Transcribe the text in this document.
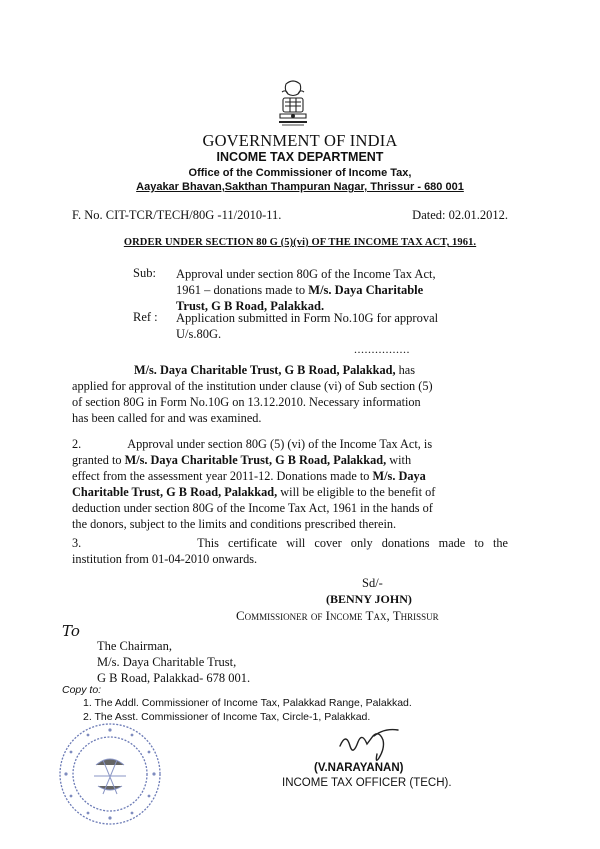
GOVERNMENT OF INDIA
INCOME TAX DEPARTMENT
Office of the Commissioner of Income Tax,
Aayakar Bhavan,Sakthan Thampuran Nagar, Thrissur - 680 001
F. No. CIT-TCR/TECH/80G -11/2010-11.	Dated: 02.01.2012.
ORDER UNDER SECTION 80 G (5)(vi) OF THE INCOME TAX ACT, 1961.
Sub: Approval under section 80G of the Income Tax Act,
1961 – donations made to M/s. Daya Charitable
Trust, G B Road, Palakkad.
Ref : Application submitted in Form No.10G for approval
U/s.80G.
................
M/s. Daya Charitable Trust, G B Road, Palakkad, has
applied for approval of the institution under clause (vi) of Sub section (5)
of section 80G in Form No.10G on 13.12.2010. Necessary information
has been called for and was examined.
2.	Approval under section 80G (5) (vi) of the Income Tax Act, is
granted to M/s. Daya Charitable Trust, G B Road, Palakkad, with
effect from the assessment year 2011-12. Donations made to M/s. Daya
Charitable Trust, G B Road, Palakkad, will be eligible to the benefit of
deduction under section 80G of the Income Tax Act, 1961 in the hands of
the donors, subject to the limits and conditions prescribed therein.
3.	This certificate will cover only donations made to the
institution from 01-04-2010 onwards.
Sd/-
(BENNY JOHN)
Commissioner of Income Tax, Thrissur
To
The Chairman,
M/s. Daya Charitable Trust,
G B Road, Palakkad- 678 001.
Copy to:
1. The Addl. Commissioner of Income Tax, Palakkad Range, Palakkad.
2. The Asst. Commissioner of Income Tax, Circle-1, Palakkad.
(V.NARAYANAN)
INCOME TAX OFFICER (TECH).
